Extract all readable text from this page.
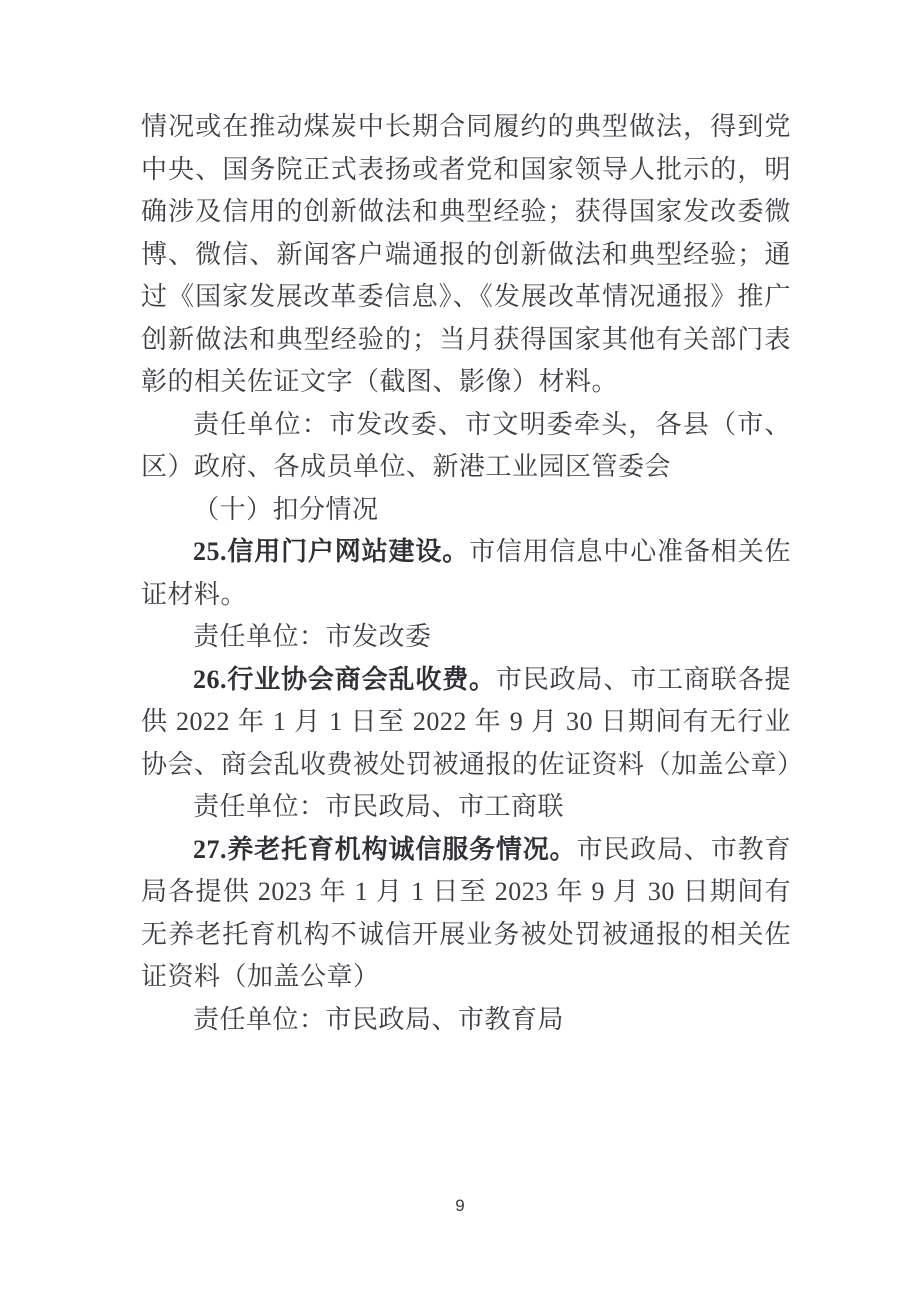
情况或在推动煤炭中长期合同履约的典型做法，得到党中央、国务院正式表扬或者党和国家领导人批示的，明确涉及信用的创新做法和典型经验；获得国家发改委微博、微信、新闻客户端通报的创新做法和典型经验；通过《国家发展改革委信息》、《发展改革情况通报》推广创新做法和典型经验的；当月获得国家其他有关部门表彰的相关佐证文字（截图、影像）材料。
责任单位：市发改委、市文明委牵头，各县（市、区）政府、各成员单位、新港工业园区管委会
（十）扣分情况
25.信用门户网站建设。市信用信息中心准备相关佐证材料。
责任单位：市发改委
26.行业协会商会乱收费。市民政局、市工商联各提供 2022 年 1 月 1 日至 2022 年 9 月 30 日期间有无行业协会、商会乱收费被处罚被通报的佐证资料（加盖公章）
责任单位：市民政局、市工商联
27.养老托育机构诚信服务情况。市民政局、市教育局各提供 2023 年 1 月 1 日至 2023 年 9 月 30 日期间有无养老托育机构不诚信开展业务被处罚被通报的相关佐证资料（加盖公章）
责任单位：市民政局、市教育局
9
